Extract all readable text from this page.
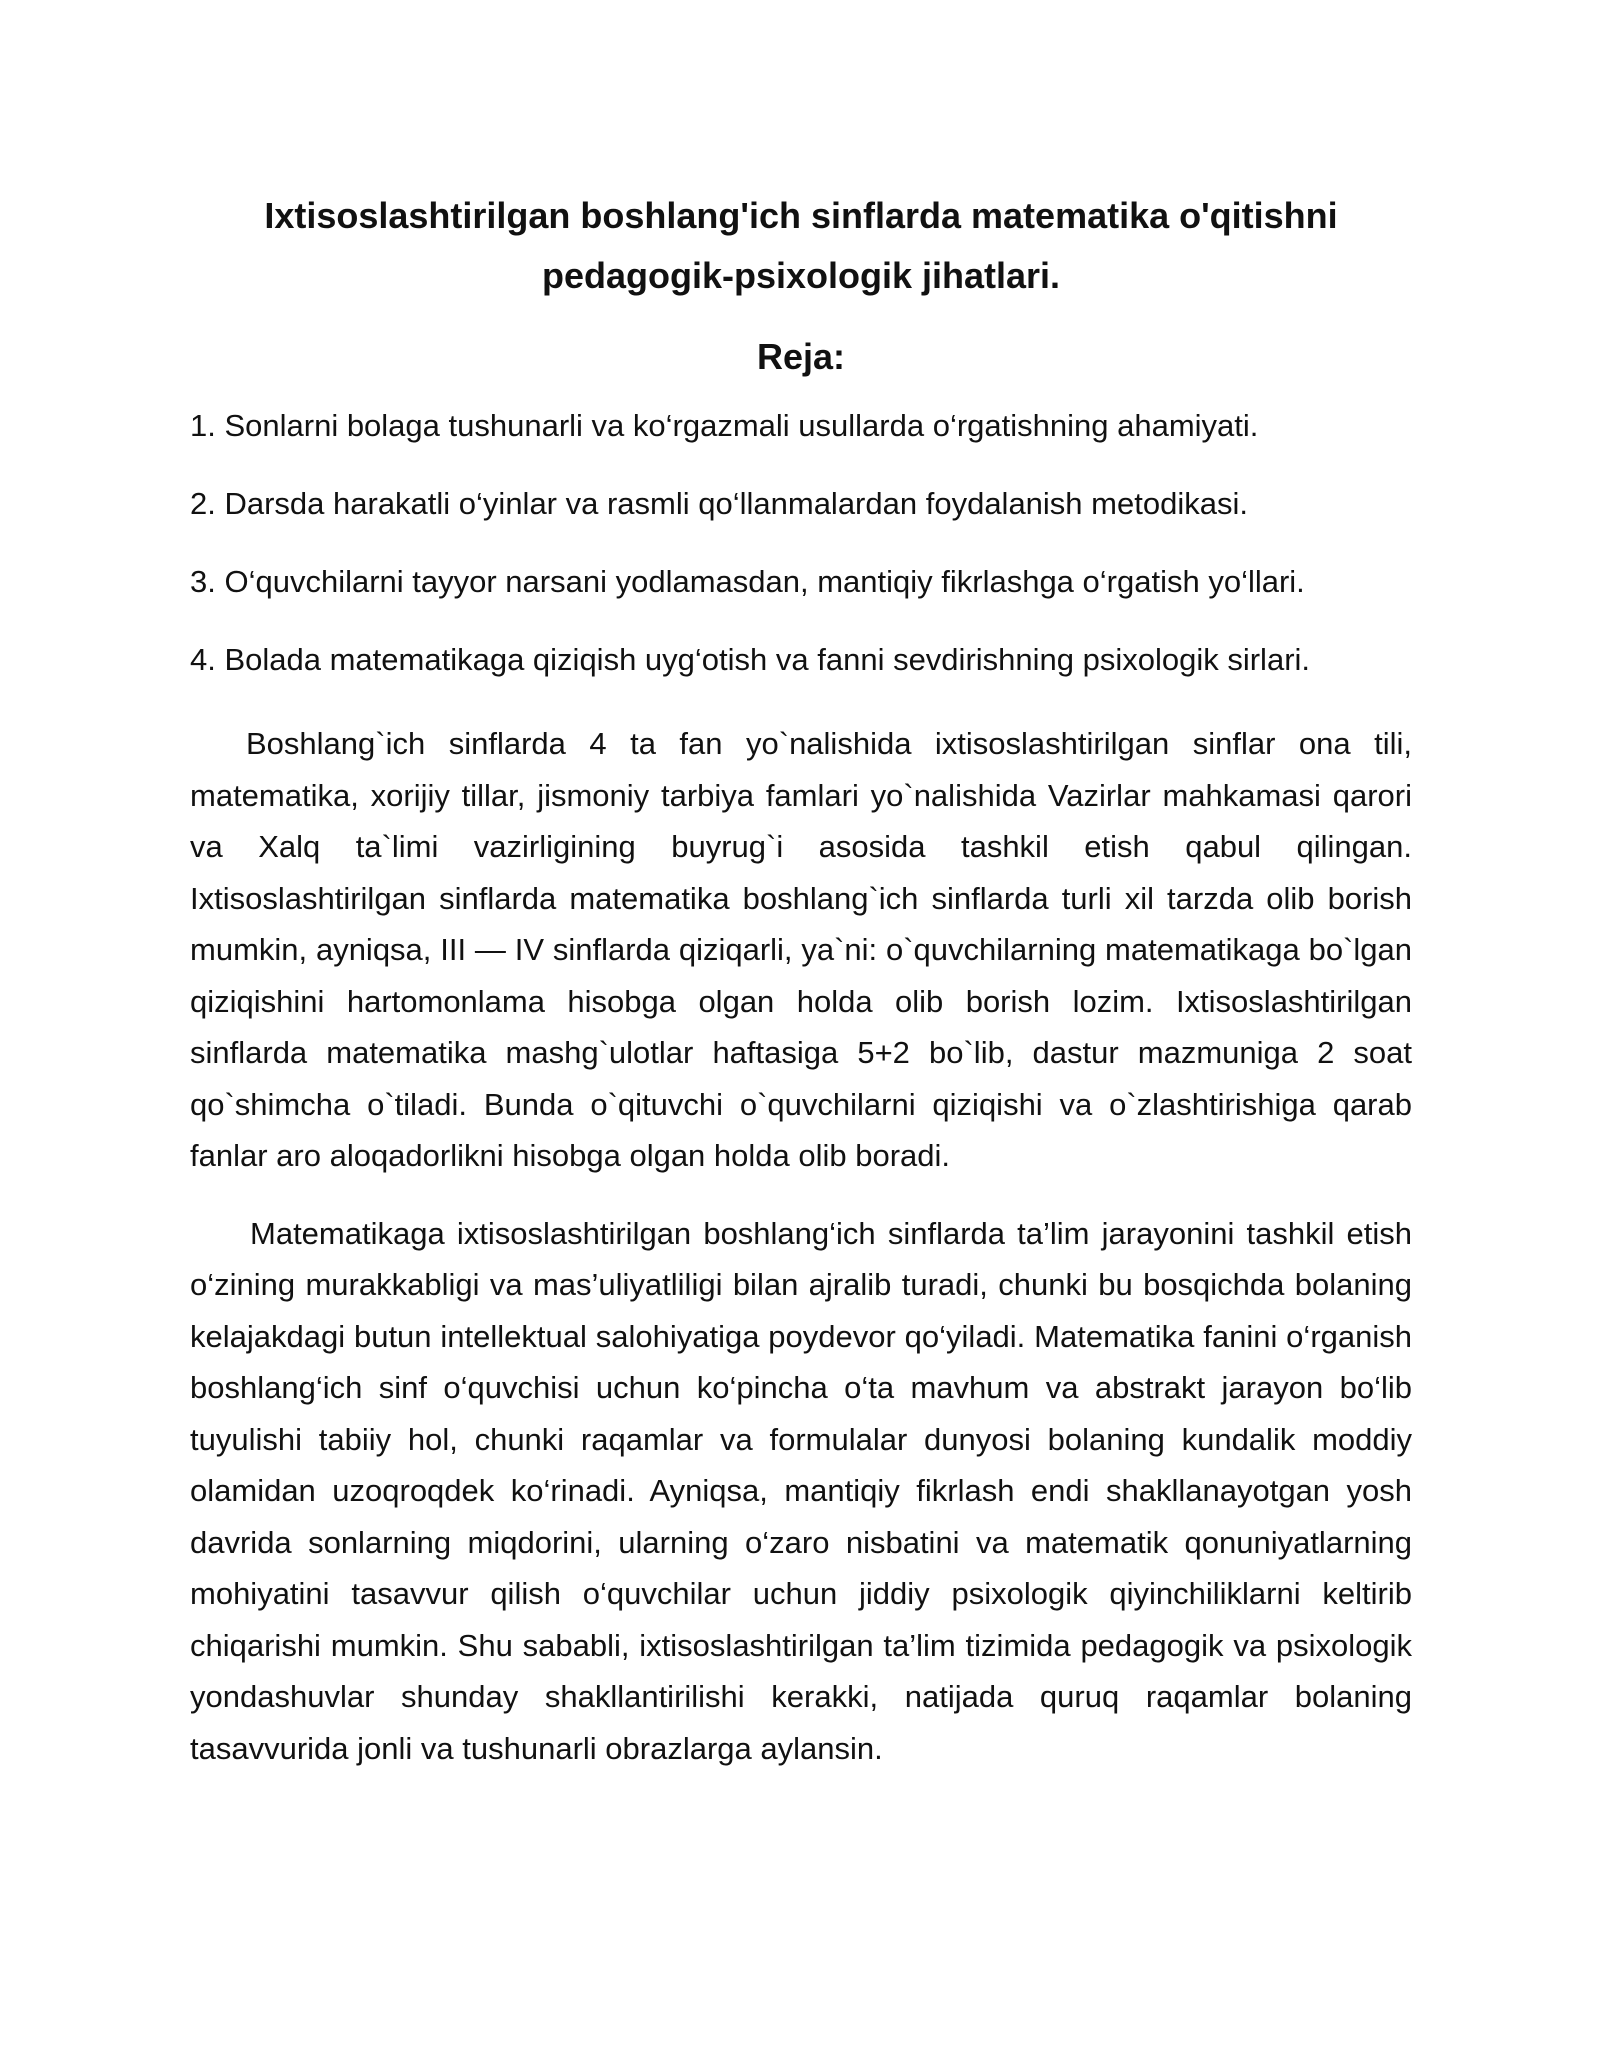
Ixtisoslashtirilgan boshlang'ich sinflarda matematika o'qitishni
pedagogik-psixologik jihatlari.
Reja:

1. Sonlarni bolaga tushunarli va ko‘rgazmali usullarda o‘rgatishning ahamiyati.

2. Darsda harakatli o‘yinlar va rasmli qo‘llanmalardan foydalanish metodikasi.

3. O‘quvchilarni tayyor narsani yodlamasdan, mantiqiy fikrlashga o‘rgatish yo‘llari.

4. Bolada matematikaga qiziqish uyg‘otish va fanni sevdirishning psixologik sirlari.

Boshlang`ich sinflarda 4 ta fan yo`nalishida ixtisoslashtirilgan sinflar ona tili, matematika, xorijiy tillar, jismoniy tarbiya famlari yo`nalishida Vazirlar mahkamasi qarori va Xalq ta`limi vazirligining buyrug`i asosida tashkil etish qabul qilingan. Ixtisoslashtirilgan sinflarda matematika boshlang`ich sinflarda turli xil tarzda olib borish mumkin, ayniqsa, III — IV sinflarda qiziqarli, ya`ni: o`quvchilarning matematikaga bo`lgan qiziqishini hartomonlama hisobga olgan holda olib borish lozim. Ixtisoslashtirilgan sinflarda matematika mashg`ulotlar haftasiga 5+2 bo`lib, dastur mazmuniga 2 soat qo`shimcha o`tiladi. Bunda o`qituvchi o`quvchilarni qiziqishi va o`zlashtirishiga qarab fanlar aro aloqadorlikni hisobga olgan holda olib boradi.

Matematikaga ixtisoslashtirilgan boshlang‘ich sinflarda ta’lim jarayonini tashkil etish o‘zining murakkabligi va mas’uliyatliligi bilan ajralib turadi, chunki bu bosqichda bolaning kelajakdagi butun intellektual salohiyatiga poydevor qo‘yiladi. Matematika fanini o‘rganish boshlang‘ich sinf o‘quvchisi uchun ko‘pincha o‘ta mavhum va abstrakt jarayon bo‘lib tuyulishi tabiiy hol, chunki raqamlar va formulalar dunyosi bolaning kundalik moddiy olamidan uzoqroqdek ko‘rinadi. Ayniqsa, mantiqiy fikrlash endi shakllanayotgan yosh davrida sonlarning miqdorini, ularning o‘zaro nisbatini va matematik qonuniyatlarning mohiyatini tasavvur qilish o‘quvchilar uchun jiddiy psixologik qiyinchiliklarni keltirib chiqarishi mumkin. Shu sababli, ixtisoslashtirilgan ta’lim tizimida pedagogik va psixologik yondashuvlar shunday shakllantirilishi kerakki, natijada quruq raqamlar bolaning tasavvurida jonli va tushunarli obrazlarga aylansin.
